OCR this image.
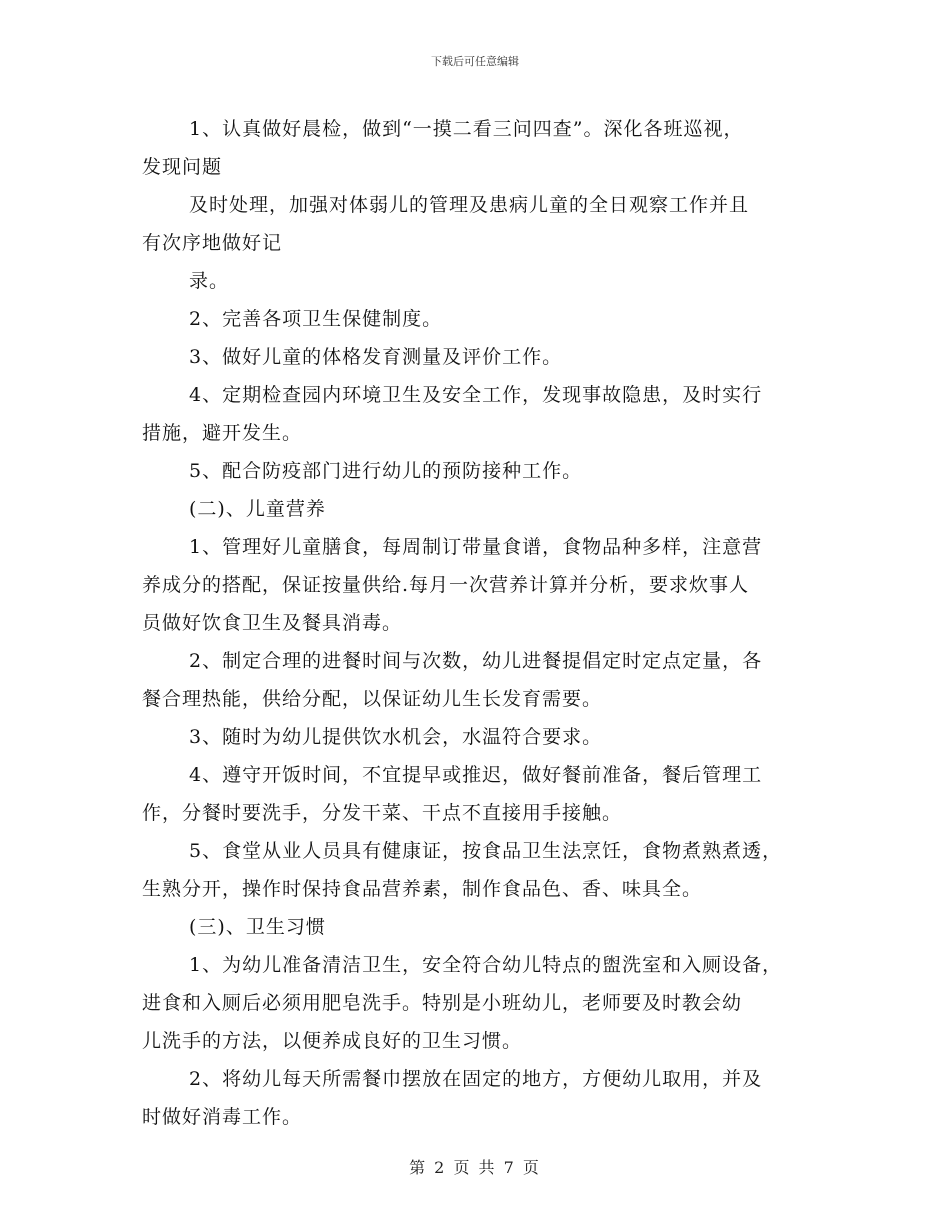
下载后可任意编辑
1、认真做好晨检，做到“一摸二看三问四查”。深化各班巡视，
发现问题
及时处理，加强对体弱儿的管理及患病儿童的全日观察工作并且
有次序地做好记
录。
2、完善各项卫生保健制度。
3、做好儿童的体格发育测量及评价工作。
4、定期检查园内环境卫生及安全工作，发现事故隐患，及时实行
措施，避开发生。
5、配合防疫部门进行幼儿的预防接种工作。
(二)、儿童营养
1、管理好儿童膳食，每周制订带量食谱，食物品种多样，注意营
养成分的搭配，保证按量供给.每月一次营养计算并分析，要求炊事人
员做好饮食卫生及餐具消毒。
2、制定合理的进餐时间与次数，幼儿进餐提倡定时定点定量，各
餐合理热能，供给分配，以保证幼儿生长发育需要。
3、随时为幼儿提供饮水机会，水温符合要求。
4、遵守开饭时间，不宜提早或推迟，做好餐前准备，餐后管理工
作，分餐时要洗手，分发干菜、干点不直接用手接触。
5、食堂从业人员具有健康证，按食品卫生法烹饪，食物煮熟煮透，
生熟分开，操作时保持食品营养素，制作食品色、香、味具全。
(三)、卫生习惯
1、为幼儿准备清洁卫生，安全符合幼儿特点的盥洗室和入厕设备，
进食和入厕后必须用肥皂洗手。特别是小班幼儿，老师要及时教会幼
儿洗手的方法，以便养成良好的卫生习惯。
2、将幼儿每天所需餐巾摆放在固定的地方，方便幼儿取用，并及
时做好消毒工作。
第 2 页 共 7 页
